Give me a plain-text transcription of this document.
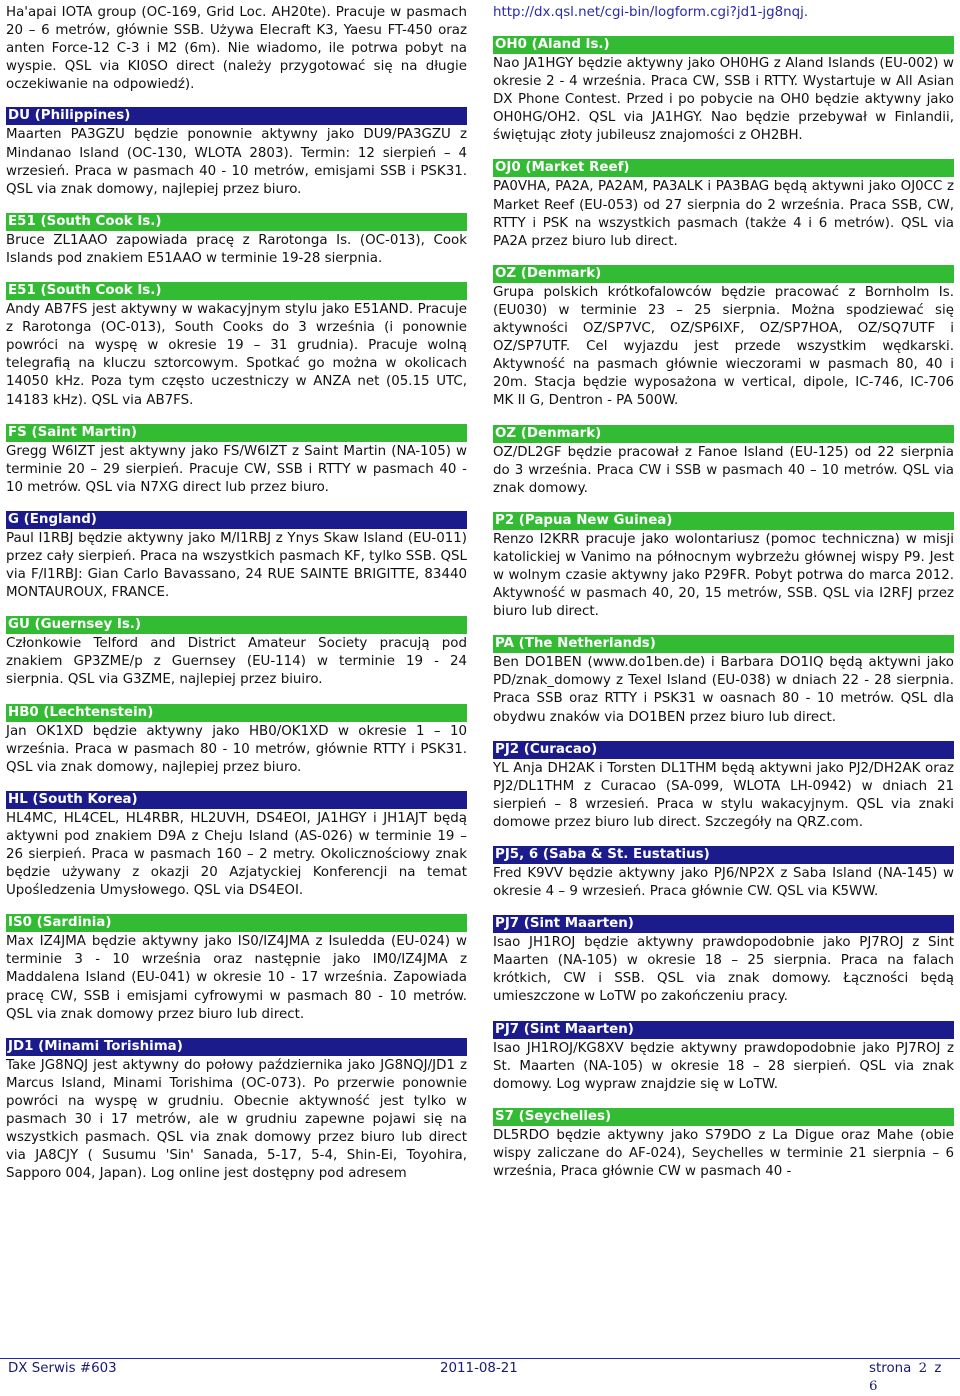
Ha'apai IOTA group (OC-169, Grid Loc. AH20te). Pracuje w pasmach 20 – 6 metrów, głównie SSB. Używa Elecraft K3, Yaesu FT-450 oraz anten Force-12 C-3 i M2 (6m). Nie wiadomo, ile potrwa pobyt na wyspie. QSL via KI0SO direct (należy przygotować się na długie oczekiwanie na odpowiedź).

DU (Philippines)

Maarten PA3GZU będzie ponownie aktywny jako DU9/PA3GZU z Mindanao Island (OC-130, WLOTA 2803). Termin: 12 sierpień – 4 wrzesień. Praca w pasmach 40 - 10 metrów, emisjami SSB i PSK31. QSL via znak domowy, najlepiej przez biuro.

E51 (South Cook Is.)

Bruce ZL1AAO zapowiada pracę z Rarotonga Is. (OC-013), Cook Islands pod znakiem E51AAO w terminie 19-28 sierpnia.

E51 (South Cook Is.)

Andy AB7FS jest aktywny w wakacyjnym stylu jako E51AND. Pracuje z Rarotonga (OC-013), South Cooks do 3 września (i ponownie powróci na wyspę w okresie 19 – 31 grudnia). Pracuje wolną telegrafią na kluczu sztorcowym. Spotkać go można w okolicach 14050 kHz. Poza tym często uczestniczy w ANZA net (05.15 UTC, 14183 kHz). QSL via AB7FS.

FS (Saint Martin)

Gregg W6IZT jest aktywny jako FS/W6IZT z Saint Martin (NA-105) w terminie 20 – 29 sierpień. Pracuje CW, SSB i RTTY w pasmach 40 - 10 metrów. QSL via N7XG direct lub przez biuro.

G (England)

Paul I1RBJ będzie aktywny jako M/I1RBJ z Ynys Skaw Island (EU-011) przez cały sierpień. Praca na wszystkich pasmach KF, tylko SSB. QSL via F/I1RBJ: Gian Carlo Bavassano, 24 RUE SAINTE BRIGITTE, 83440 MONTAUROUX, FRANCE.

GU (Guernsey Is.)

Członkowie Telford and District Amateur Society pracują pod znakiem GP3ZME/p z Guernsey (EU-114) w terminie 19 - 24 sierpnia. QSL via G3ZME, najlepiej przez biuiro.

HB0 (Lechtenstein)

Jan OK1XD będzie aktywny jako HB0/OK1XD w okresie 1 – 10 września. Praca w pasmach 80 - 10 metrów, głównie RTTY i PSK31. QSL via znak domowy, najlepiej przez biuro.

HL (South Korea)

HL4MC, HL4CEL, HL4RBR, HL2UVH, DS4EOI, JA1HGY i JH1AJT będą aktywni pod znakiem D9A z Cheju Island (AS-026) w terminie 19 – 26 sierpień. Praca w pasmach 160 – 2 metry. Okolicznościowy znak będzie używany z okazji 20 Azjatyckiej Konferencji na temat Upośledzenia Umysłowego. QSL via DS4EOI.

IS0 (Sardinia)

Max IZ4JMA będzie aktywny jako IS0/IZ4JMA z Isuledda (EU-024) w terminie 3 - 10 września oraz następnie jako IM0/IZ4JMA z Maddalena Island (EU-041) w okresie 10 - 17 września. Zapowiada pracę CW, SSB i emisjami cyfrowymi w pasmach 80 - 10 metrów. QSL via znak domowy przez biuro lub direct.

JD1 (Minami Torishima)

Take JG8NQJ jest aktywny do połowy października jako JG8NQJ/JD1 z Marcus Island, Minami Torishima (OC-073). Po przerwie ponownie powróci na wyspę w grudniu. Obecnie aktywność jest tylko w pasmach 30 i 17 metrów, ale w grudniu zapewne pojawi się na wszystkich pasmach. QSL via znak domowy przez biuro lub direct via JA8CJY ( Susumu 'Sin' Sanada, 5-17, 5-4, Shin-Ei, Toyohira, Sapporo 004, Japan). Log online jest dostępny pod adresem

http://dx.qsl.net/cgi-bin/logform.cgi?jd1-jg8nqj.

OH0 (Aland Is.)

Nao JA1HGY będzie aktywny jako OH0HG z Aland Islands (EU-002) w okresie 2 - 4 września. Praca CW, SSB i RTTY. Wystartuje w All Asian DX Phone Contest. Przed i po pobycie na OH0 będzie aktywny jako OH0HG/OH2. QSL via JA1HGY. Nao będzie przebywał w Finlandii, świętując złoty jubileusz znajomości z OH2BH.

OJ0 (Market Reef)

PA0VHA, PA2A, PA2AM, PA3ALK i PA3BAG będą aktywni jako OJ0CC z Market Reef (EU-053) od 27 sierpnia do 2 września. Praca SSB, CW, RTTY i PSK na wszystkich pasmach (także 4 i 6 metrów). QSL via PA2A przez biuro lub direct.

OZ (Denmark)

Grupa polskich krótkofalowców będzie pracować z Bornholm Is. (EU030) w terminie 23 – 25 sierpnia. Można spodziewać się aktywności OZ/SP7VC, OZ/SP6IXF, OZ/SP7HOA, OZ/SQ7UTF i OZ/SP7UTF. Cel wyjazdu jest przede wszystkim wędkarski. Aktywność na pasmach głównie wieczorami w pasmach 80, 40 i 20m. Stacja będzie wyposażona w vertical, dipole, IC-746, IC-706 MK II G, Dentron - PA 500W.

OZ (Denmark)

OZ/DL2GF będzie pracował z Fanoe Island (EU-125) od 22 sierpnia do 3 września. Praca CW i SSB w pasmach 40 – 10 metrów. QSL via znak domowy.

P2 (Papua New Guinea)

Renzo I2KRR pracuje jako wolontariusz (pomoc techniczna) w misji katolickiej w Vanimo na północnym wybrzeżu głównej wispy P9. Jest w wolnym czasie aktywny jako P29FR. Pobyt potrwa do marca 2012. Aktywność w pasmach 40, 20, 15 metrów, SSB. QSL via I2RFJ przez biuro lub direct.

PA (The Netherlands)

Ben DO1BEN (www.do1ben.de) i Barbara DO1IQ będą aktywni jako PD/znak_domowy z Texel Island (EU-038) w dniach 22 - 28 sierpnia. Praca SSB oraz RTTY i PSK31 w oasnach 80 - 10 metrów. QSL dla obydwu znaków via DO1BEN przez biuro lub direct.

PJ2 (Curacao)

YL Anja DH2AK i Torsten DL1THM będą aktywni jako PJ2/DH2AK oraz PJ2/DL1THM z Curacao (SA-099, WLOTA LH-0942) w dniach 21 sierpień – 8 wrzesień. Praca w stylu wakacyjnym. QSL via znaki domowe przez biuro lub direct. Szczegóły na QRZ.com.

PJ5, 6 (Saba & St. Eustatius)

Fred K9VV będzie aktywny jako PJ6/NP2X z Saba Island (NA-145) w okresie 4 – 9 wrzesień. Praca głównie CW. QSL via K5WW.

PJ7 (Sint Maarten)

Isao JH1ROJ będzie aktywny prawdopodobnie jako PJ7ROJ z Sint Maarten (NA-105) w okresie 18 – 25 sierpnia. Praca na falach krótkich, CW i SSB. QSL via znak domowy. Łączności będą umieszczone w LoTW po zakończeniu pracy.

PJ7 (Sint Maarten)

Isao JH1ROJ/KG8XV będzie aktywny prawdopodobnie jako PJ7ROJ z St. Maarten (NA-105) w okresie 18 – 28 sierpień. QSL via znak domowy. Log wypraw znajdzie się w LoTW.

S7 (Seychelles)

DL5RDO będzie aktywny jako S79DO z La Digue oraz Mahe (obie wispy zaliczane do AF-024), Seychelles w terminie 21 sierpnia – 6 września, Praca głównie CW w pasmach 40 -

DX Serwis #603	2011-08-21	strona 2 z 6
